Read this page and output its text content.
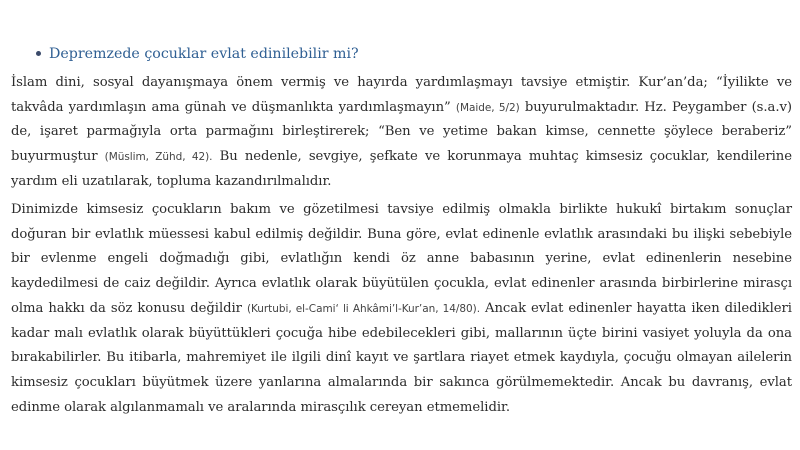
Depremzede çocuklar evlat edinilebilir mi?

İslam dini, sosyal dayanışmaya önem vermiş ve hayırda yardımlaşmayı tavsiye etmiştir. Kur’an’da; “İyilikte ve takvâda yardımlaşın ama günah ve düşmanlıkta yardımlaşmayın” (Maide, 5/2) buyurulmaktadır. Hz. Peygamber (s.a.v) de, işaret parmağıyla orta parmağını birleştirerek; “Ben ve yetime bakan kimse, cennette şöylece beraberiz” buyurmuştur (Müslim, Zühd, 42). Bu nedenle, sevgiye, şefkate ve korunmaya muhtaç kimsesiz çocuklar, kendilerine yardım eli uzatılarak, topluma kazandırılmalıdır.

Dinimizde kimsesiz çocukların bakım ve gözetilmesi tavsiye edilmiş olmakla birlikte hukukî birtakım sonuçlar doğuran bir evlatlık müessesi kabul edilmiş değildir. Buna göre, evlat edinenle evlatlık arasındaki bu ilişki sebebiyle bir evlenme engeli doğmadığı gibi, evlatlığın kendi öz anne babasının yerine, evlat edinenlerin nesebine kaydedilmesi de caiz değildir. Ayrıca evlatlık olarak büyütülen çocukla, evlat edinenler arasında birbirlerine mirasçı olma hakkı da söz konusu değildir (Kurtubi, el-Cami‘ li Ahkâmi’l-Kur’an, 14/80). Ancak evlat edinenler hayatta iken diledikleri kadar malı evlatlık olarak büyüttükleri çocuğa hibe edebilecekleri gibi, mallarının üçte birini vasiyet yoluyla da ona bırakabilirler. Bu itibarla, mahremiyet ile ilgili dinî kayıt ve şartlara riayet etmek kaydıyla, çocuğu olmayan ailelerin kimsesiz çocukları büyütmek üzere yanlarına almalarında bir sakınca görülmemektedir. Ancak bu davranış, evlat edinme olarak algılanmamalı ve aralarında mirasçılık cereyan etmemelidir.
